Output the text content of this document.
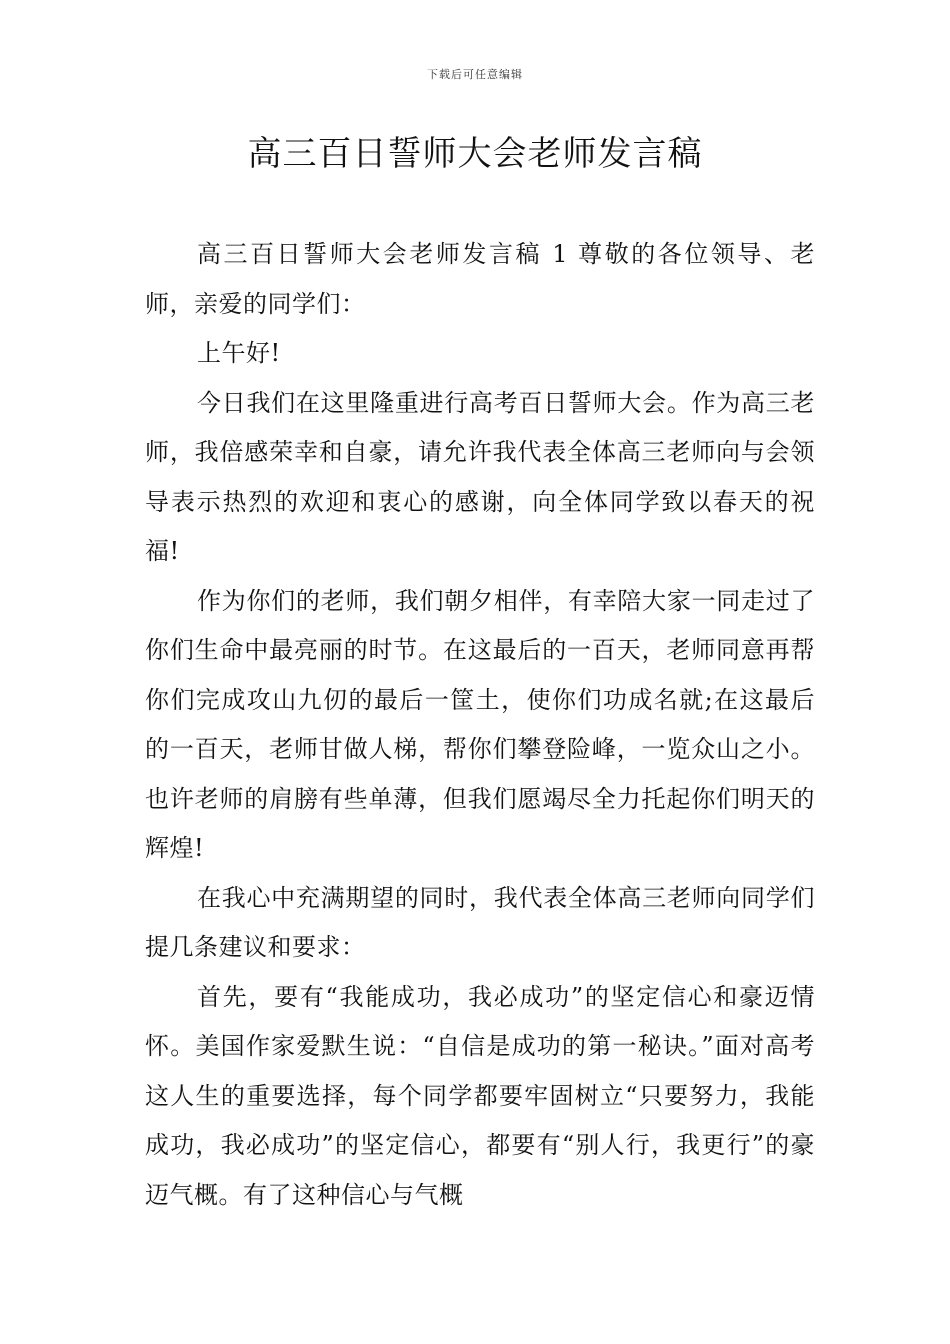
下载后可任意编辑
高三百日誓师大会老师发言稿

高三百日誓师大会老师发言稿 1 尊敬的各位领导、老师，亲爱的同学们：

上午好!

今日我们在这里隆重进行高考百日誓师大会。作为高三老师，我倍感荣幸和自豪，请允许我代表全体高三老师向与会领导表示热烈的欢迎和衷心的感谢，向全体同学致以春天的祝福!

作为你们的老师，我们朝夕相伴，有幸陪大家一同走过了你们生命中最亮丽的时节。在这最后的一百天，老师同意再帮你们完成攻山九仞的最后一筐土，使你们功成名就;在这最后的一百天，老师甘做人梯，帮你们攀登险峰，一览众山之小。也许老师的肩膀有些单薄，但我们愿竭尽全力托起你们明天的辉煌!

在我心中充满期望的同时，我代表全体高三老师向同学们提几条建议和要求：

首先，要有“我能成功，我必成功”的坚定信心和豪迈情怀。美国作家爱默生说：“自信是成功的第一秘诀。”面对高考这人生的重要选择，每个同学都要牢固树立“只要努力，我能成功，我必成功”的坚定信心，都要有“别人行，我更行”的豪迈气概。有了这种信心与气概
